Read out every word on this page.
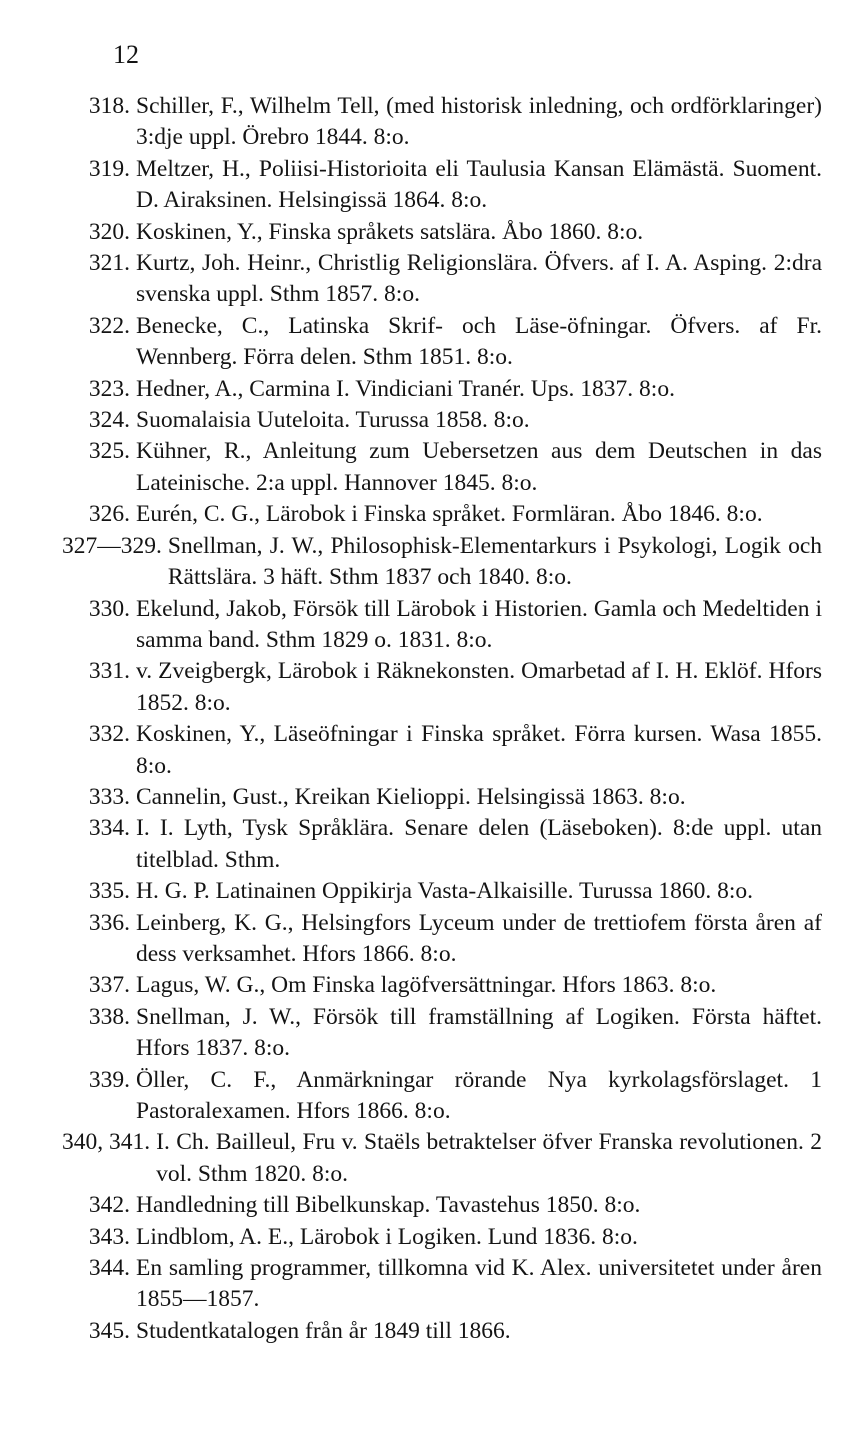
12
318. Schiller, F., Wilhelm Tell, (med historisk inledning, och ordförklaringer) 3:dje uppl. Örebro 1844. 8:o.
319. Meltzer, H., Poliisi-Historioita eli Taulusia Kansan Elämästä. Suoment. D. Airaksinen. Helsingissä 1864. 8:o.
320. Koskinen, Y., Finska språkets satslära. Åbo 1860. 8:o.
321. Kurtz, Joh. Heinr., Christlig Religionslära. Öfvers. af I. A. Asping. 2:dra svenska uppl. Sthm 1857. 8:o.
322. Benecke, C., Latinska Skrif- och Läse-öfningar. Öfvers. af Fr. Wennberg. Förra delen. Sthm 1851. 8:o.
323. Hedner, A., Carmina I. Vindiciani Tranér. Ups. 1837. 8:o.
324. Suomalaisia Uuteloita. Turussa 1858. 8:o.
325. Kühner, R., Anleitung zum Uebersetzen aus dem Deutschen in das Lateinische. 2:a uppl. Hannover 1845. 8:o.
326. Eurén, C. G., Lärobok i Finska språket. Formläran. Åbo 1846. 8:o.
327—329. Snellman, J. W., Philosophisk-Elementarkurs i Psykologi, Logik och Rättslära. 3 häft. Sthm 1837 och 1840. 8:o.
330. Ekelund, Jakob, Försök till Lärobok i Historien. Gamla och Medeltiden i samma band. Sthm 1829 o. 1831. 8:o.
331. v. Zveigbergk, Lärobok i Räknekonsten. Omarbetad af I. H. Eklöf. Hfors 1852. 8:o.
332. Koskinen, Y., Läseöfningar i Finska språket. Förra kursen. Wasa 1855. 8:o.
333. Cannelin, Gust., Kreikan Kielioppi. Helsingissä 1863. 8:o.
334. I. I. Lyth, Tysk Språklära. Senare delen (Läseboken). 8:de uppl. utan titelblad. Sthm.
335. H. G. P. Latinainen Oppikirja Vasta-Alkaisille. Turussa 1860. 8:o.
336. Leinberg, K. G., Helsingfors Lyceum under de trettiofem första åren af dess verksamhet. Hfors 1866. 8:o.
337. Lagus, W. G., Om Finska lagöfversättningar. Hfors 1863. 8:o.
338. Snellman, J. W., Försök till framställning af Logiken. Första häftet. Hfors 1837. 8:o.
339. Öller, C. F., Anmärkningar rörande Nya kyrkolagsförslaget. 1 Pastoralexamen. Hfors 1866. 8:o.
340, 341. I. Ch. Bailleul, Fru v. Staëls betraktelser öfver Franska revolutionen. 2 vol. Sthm 1820. 8:o.
342. Handledning till Bibelkunskap. Tavastehus 1850. 8:o.
343. Lindblom, A. E., Lärobok i Logiken. Lund 1836. 8:o.
344. En samling programmer, tillkomna vid K. Alex. universitetet under åren 1855—1857.
345. Studentkatalogen från år 1849 till 1866.
